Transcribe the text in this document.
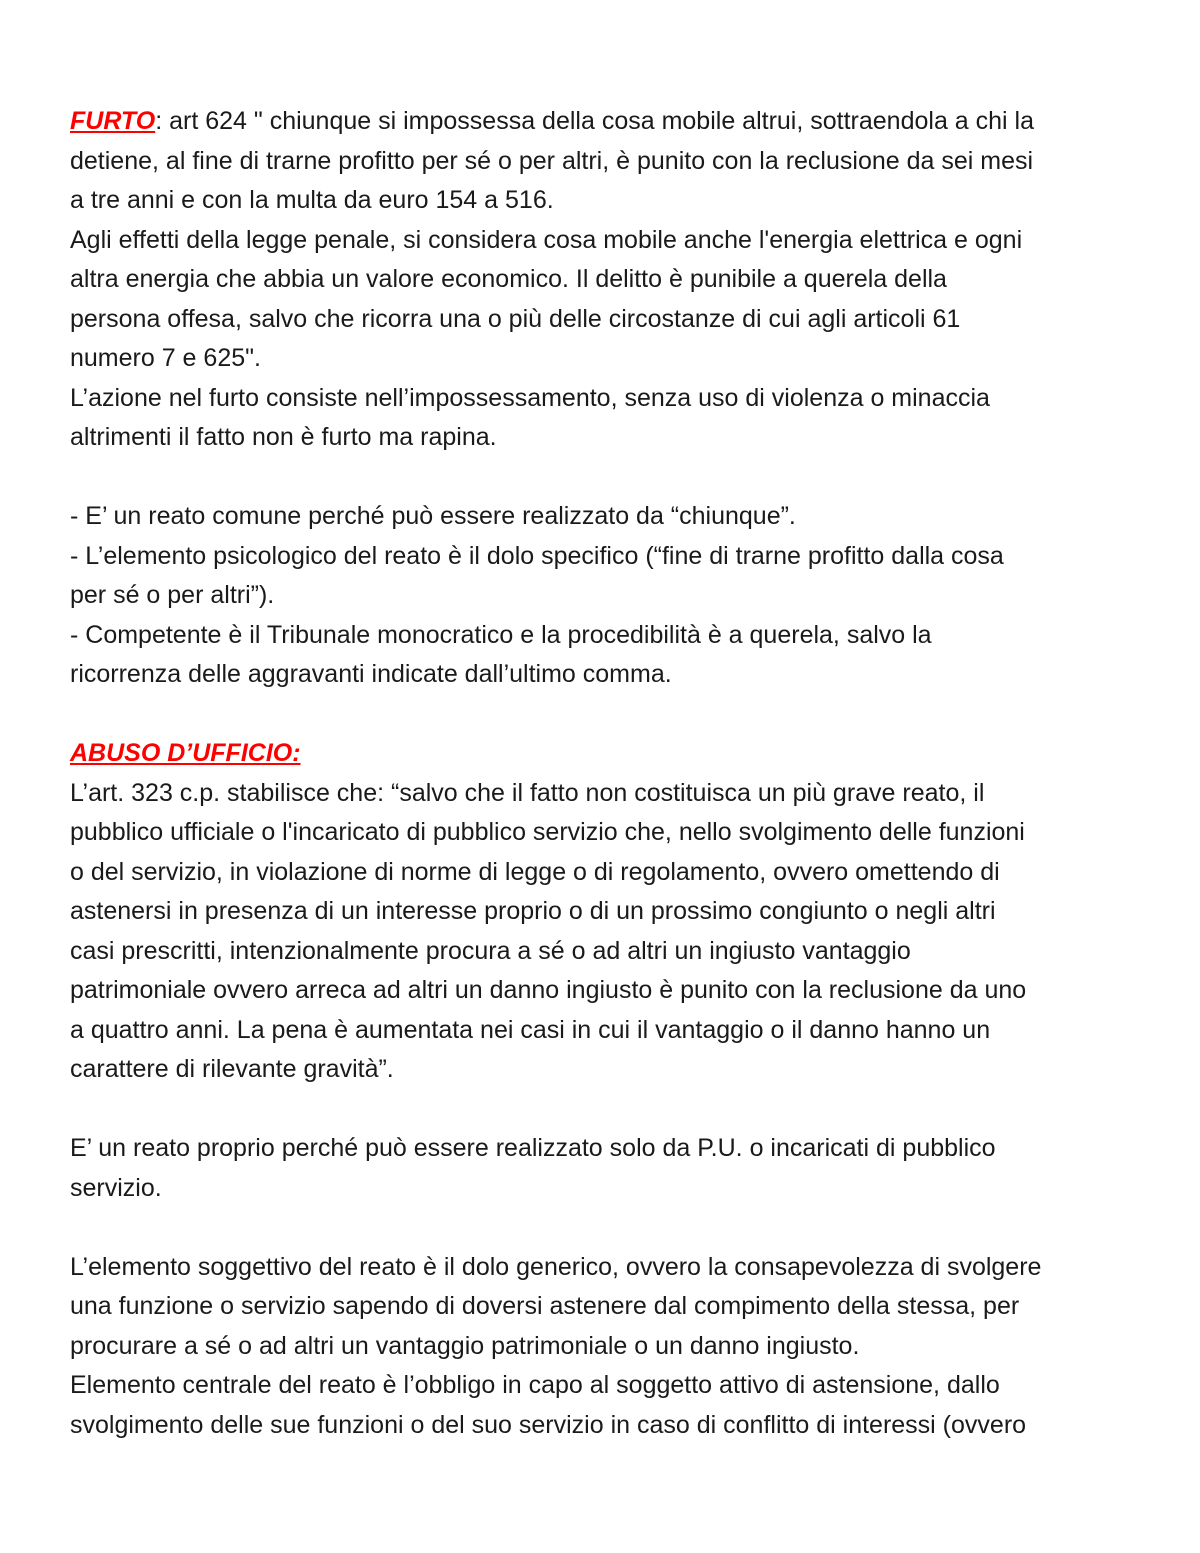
FURTO: art 624 " chiunque si impossessa della cosa mobile altrui, sottraendola a chi la
detiene, al fine di trarne profitto per sé o per altri, è punito con la reclusione da sei mesi
a tre anni e con la multa da euro 154 a 516.
Agli effetti della legge penale, si considera cosa mobile anche l'energia elettrica e ogni
altra energia che abbia un valore economico. Il delitto è punibile a querela della
persona offesa, salvo che ricorra una o più delle circostanze di cui agli articoli 61
numero 7 e 625".
L’azione nel furto consiste nell’impossessamento, senza uso di violenza o minaccia
altrimenti il fatto non è furto ma rapina.
- E’ un reato comune perché può essere realizzato da “chiunque”.
- L’elemento psicologico del reato è il dolo specifico (“fine di trarne profitto dalla cosa
per sé o per altri”).
- Competente è il Tribunale monocratico e la procedibilità è a querela, salvo la
ricorrenza delle aggravanti indicate dall’ultimo comma.
ABUSO D’UFFICIO:
L’art. 323 c.p. stabilisce che: “salvo che il fatto non costituisca un più grave reato, il
pubblico ufficiale o l'incaricato di pubblico servizio che, nello svolgimento delle funzioni
o del servizio, in violazione di norme di legge o di regolamento, ovvero omettendo di
astenersi in presenza di un interesse proprio o di un prossimo congiunto o negli altri
casi prescritti, intenzionalmente procura a sé o ad altri un ingiusto vantaggio
patrimoniale ovvero arreca ad altri un danno ingiusto è punito con la reclusione da uno
a quattro anni. La pena è aumentata nei casi in cui il vantaggio o il danno hanno un
carattere di rilevante gravità”.
E’ un reato proprio perché può essere realizzato solo da P.U. o incaricati di pubblico
servizio.
L’elemento soggettivo del reato è il dolo generico, ovvero la consapevolezza di svolgere
una funzione o servizio sapendo di doversi astenere dal compimento della stessa, per
procurare a sé o ad altri un vantaggio patrimoniale o un danno ingiusto.
Elemento centrale del reato è l’obbligo in capo al soggetto attivo di astensione, dallo
svolgimento delle sue funzioni o del suo servizio in caso di conflitto di interessi (ovvero
